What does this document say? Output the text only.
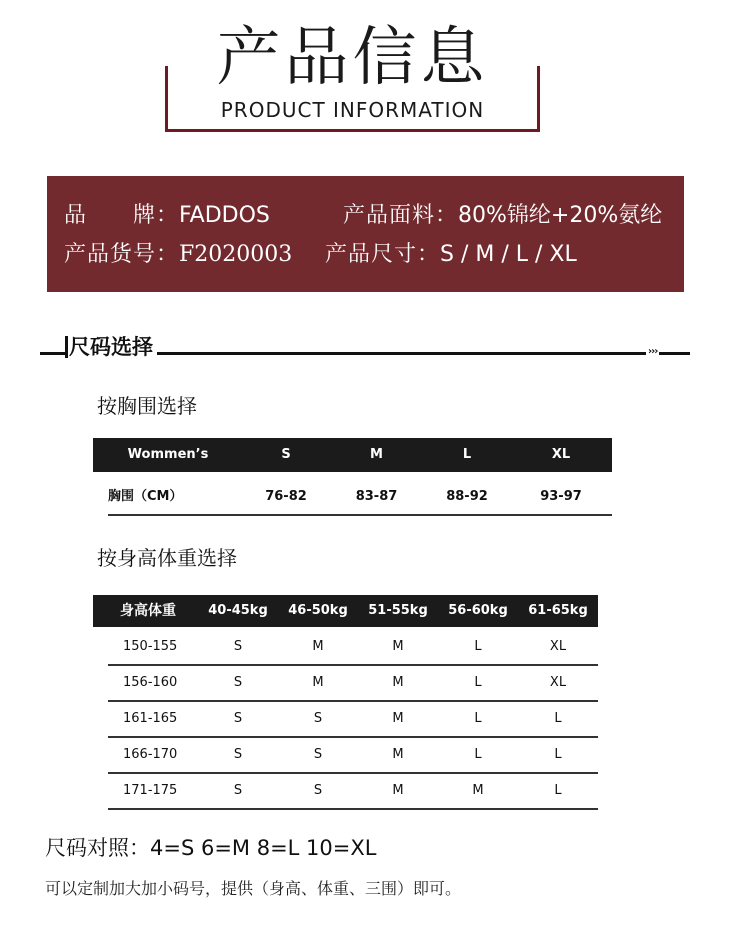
产品信息
PRODUCT INFORMATION
品　　牌：FADDOS	产品面料：80%锦纶+20%氨纶
产品货号：F2020003 产品尺寸：S / M / L / XL
尺码选择	›››
按胸围选择
Wommen’s	S	M	L	XL
胸围（CM）	76-82	83-87	88-92	93-97
按身高体重选择
身高体重	40-45kg	46-50kg	51-55kg	56-60kg	61-65kg
150-155	S	M	M	L	XL
156-160	S	M	M	L	XL
161-165	S	S	M	L	L
166-170	S	S	M	L	L
171-175	S	S	M	M	L
尺码对照：4=S 6=M 8=L 10=XL
可以定制加大加小码号，提供（身高、体重、三围）即可。
